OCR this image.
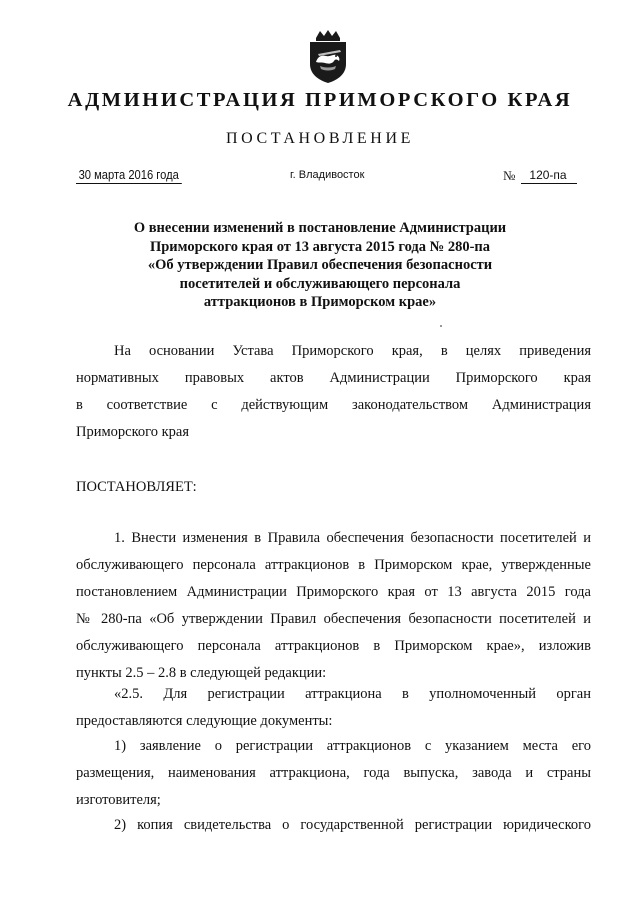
АДМИНИСТРАЦИЯ ПРИМОРСКОГО КРАЯ
ПОСТАНОВЛЕНИЕ
30 марта 2016 года	г. Владивосток	№	120-па
О внесении изменений в постановление Администрации
Приморского края от 13 августа 2015 года № 280-па
«Об утверждении Правил обеспечения безопасности
посетителей и обслуживающего персонала
аттракционов в Приморском крае»
На основании Устава Приморского края, в целях приведения
нормативных правовых актов Администрации Приморского края
в соответствие с действующим законодательством Администрация
Приморского края
ПОСТАНОВЛЯЕТ:
1. Внести изменения в Правила обеспечения безопасности посетителей и
обслуживающего персонала аттракционов в Приморском крае, утвержденные
постановлением Администрации Приморского края от 13 августа 2015 года
№ 280-па «Об утверждении Правил обеспечения безопасности посетителей и
обслуживающего персонала аттракционов в Приморском крае», изложив
пункты 2.5 – 2.8 в следующей редакции:
«2.5. Для регистрации аттракциона в уполномоченный орган
предоставляются следующие документы:
1) заявление о регистрации аттракционов с указанием места его
размещения, наименования аттракциона, года выпуска, завода и страны
изготовителя;
2) копия свидетельства о государственной регистрации юридического
